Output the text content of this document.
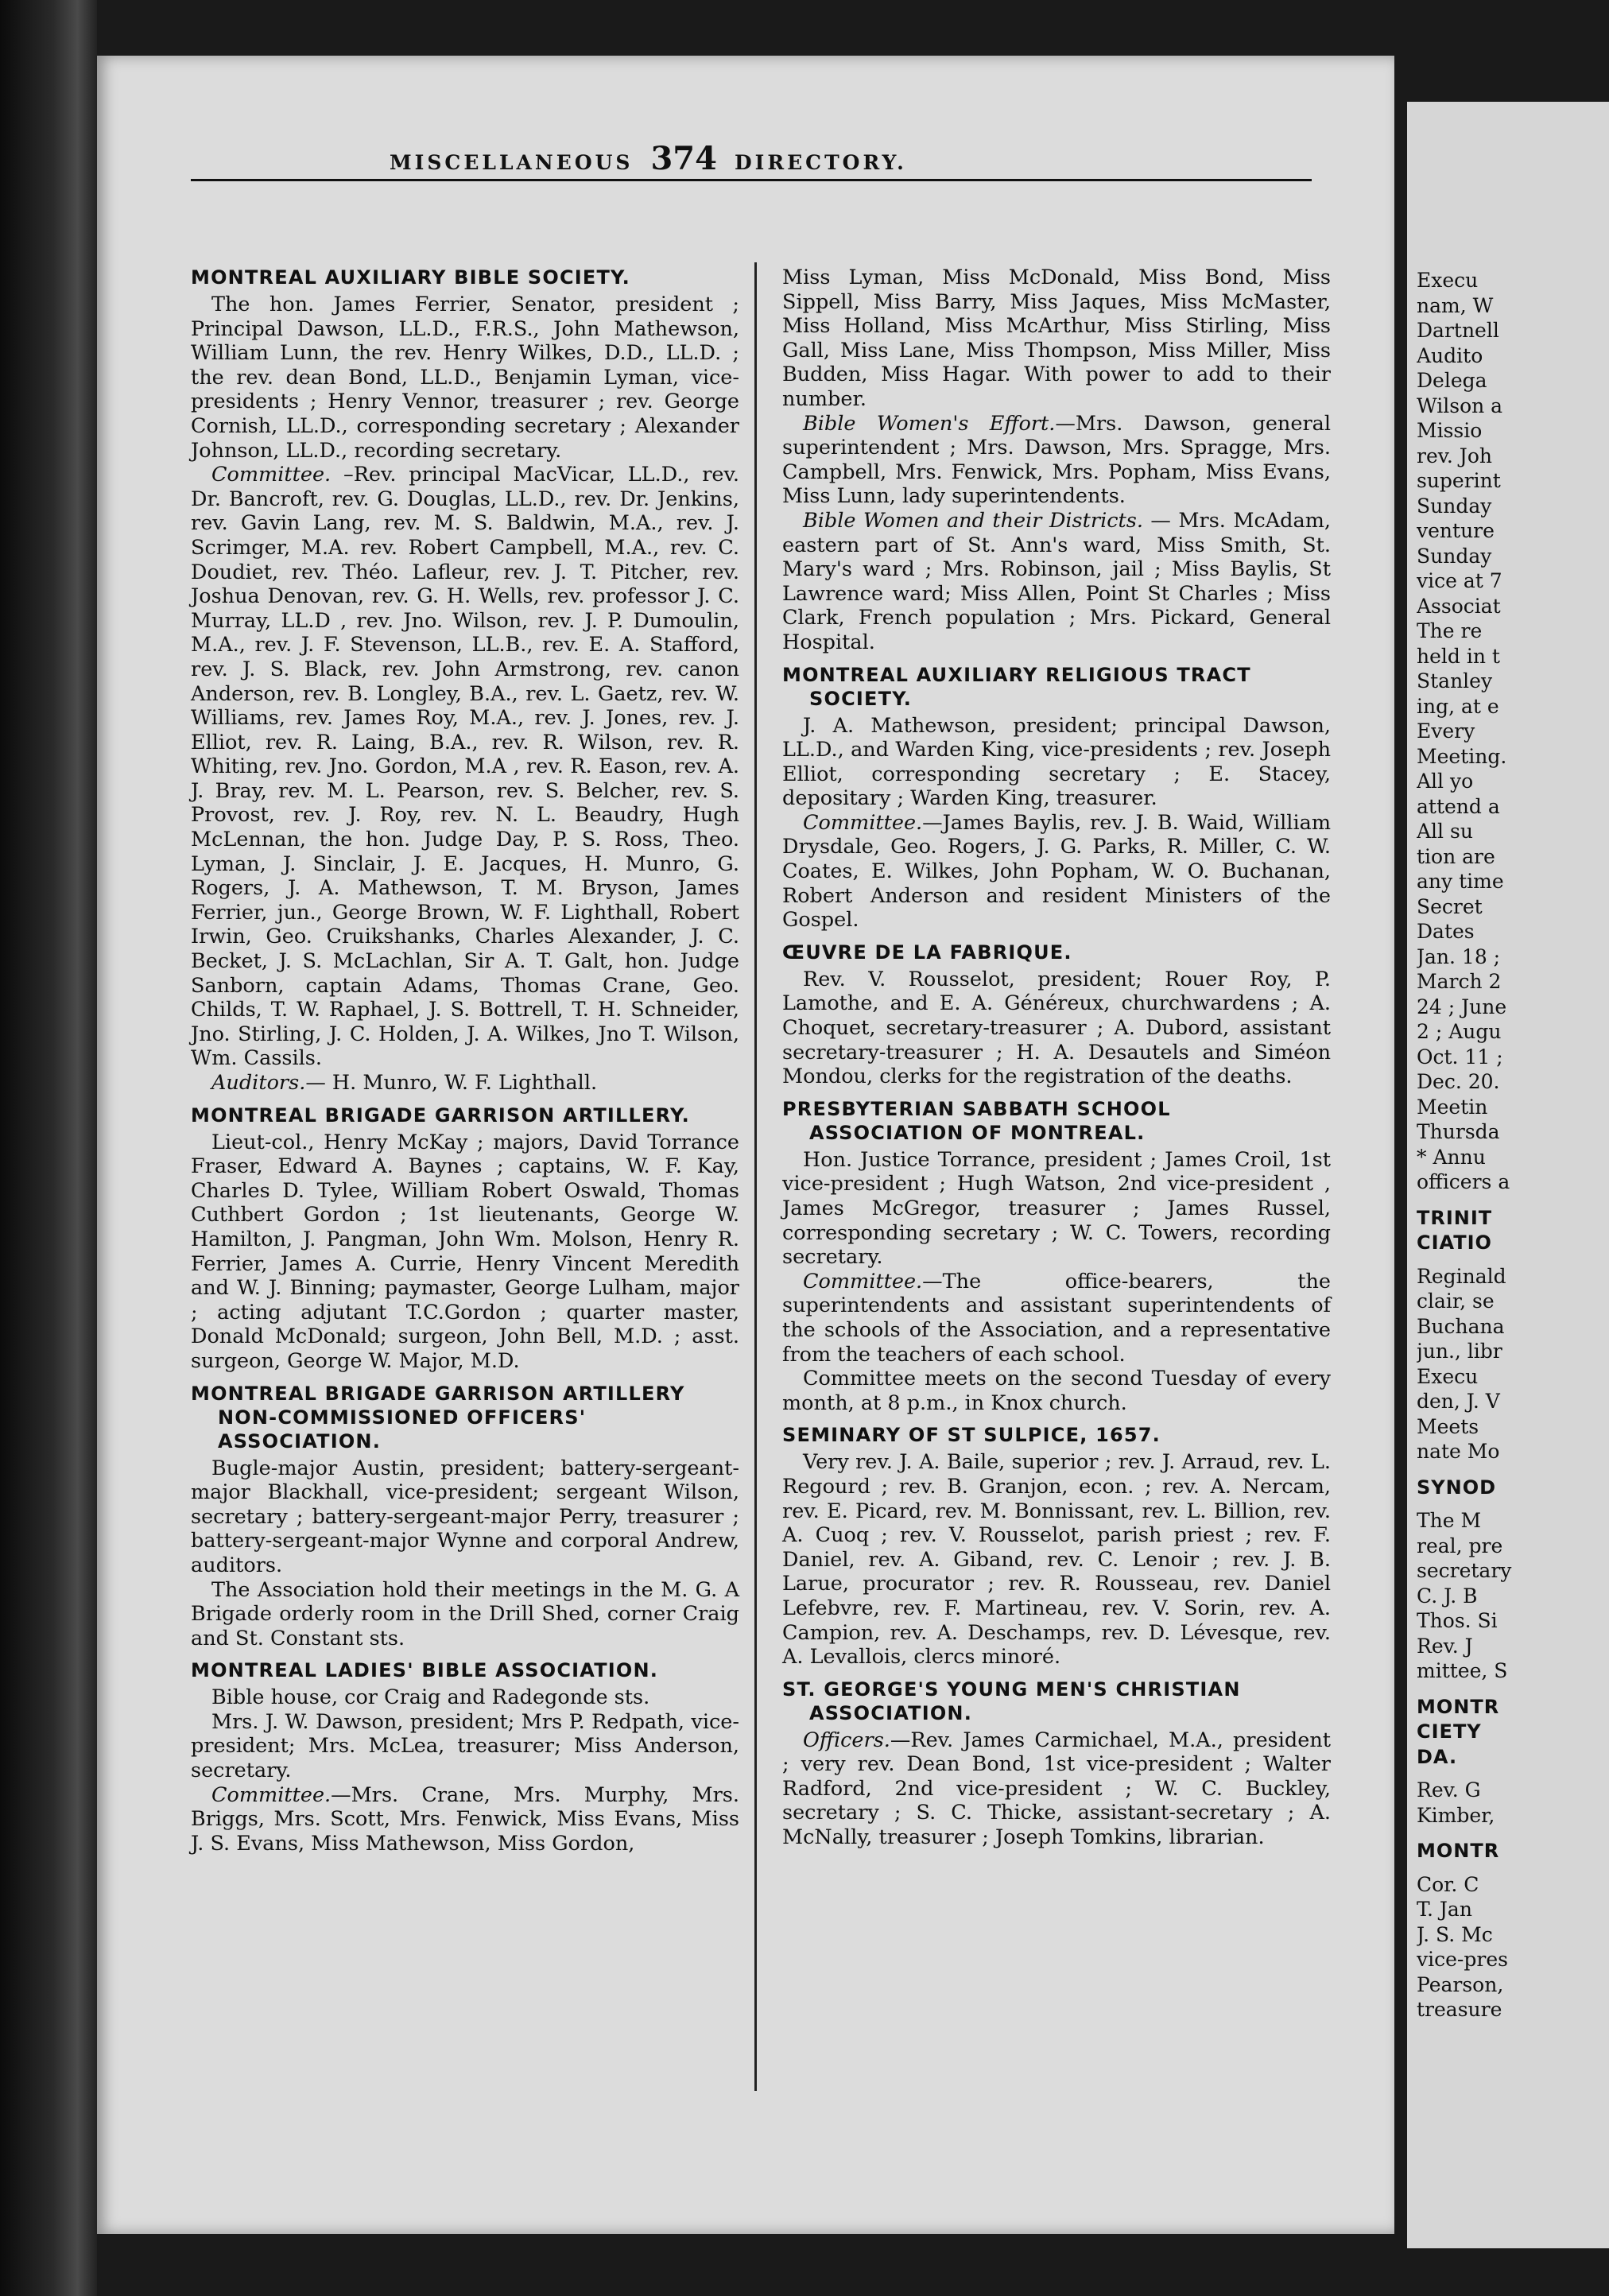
MISCELLANEOUS 374 DIRECTORY.
MONTREAL AUXILIARY BIBLE SOCIETY.

The hon. James Ferrier, Senator, president ; Principal Dawson, LL.D., F.R.S., John Mathewson, William Lunn, the rev. Henry Wilkes, D.D., LL.D. ; the rev. dean Bond, LL.D., Benjamin Lyman, vice-presidents ; Henry Vennor, treasurer ; rev. George Cornish, LL.D., corresponding secretary ; Alexander Johnson, LL.D., recording secretary.

Committee. –Rev. principal MacVicar, LL.D., rev. Dr. Bancroft, rev. G. Douglas, LL.D., rev. Dr. Jenkins, rev. Gavin Lang, rev. M. S. Baldwin, M.A., rev. J. Scrimger, M.A. rev. Robert Campbell, M.A., rev. C. Doudiet, rev. Théo. Lafleur, rev. J. T. Pitcher, rev. Joshua Denovan, rev. G. H. Wells, rev. professor J. C. Murray, LL.D , rev. Jno. Wilson, rev. J. P. Dumoulin, M.A., rev. J. F. Stevenson, LL.B., rev. E. A. Stafford, rev. J. S. Black, rev. John Armstrong, rev. canon Anderson, rev. B. Longley, B.A., rev. L. Gaetz, rev. W. Williams, rev. James Roy, M.A., rev. J. Jones, rev. J. Elliot, rev. R. Laing, B.A., rev. R. Wilson, rev. R. Whiting, rev. Jno. Gordon, M.A , rev. R. Eason, rev. A. J. Bray, rev. M. L. Pearson, rev. S. Belcher, rev. S. Provost, rev. J. Roy, rev. N. L. Beaudry, Hugh McLennan, the hon. Judge Day, P. S. Ross, Theo. Lyman, J. Sinclair, J. E. Jacques, H. Munro, G. Rogers, J. A. Mathewson, T. M. Bryson, James Ferrier, jun., George Brown, W. F. Lighthall, Robert Irwin, Geo. Cruikshanks, Charles Alexander, J. C. Becket, J. S. McLachlan, Sir A. T. Galt, hon. Judge Sanborn, captain Adams, Thomas Crane, Geo. Childs, T. W. Raphael, J. S. Bottrell, T. H. Schneider, Jno. Stirling, J. C. Holden, J. A. Wilkes, Jno T. Wilson, Wm. Cassils.

Auditors.— H. Munro, W. F. Lighthall.

MONTREAL BRIGADE GARRISON ARTILLERY.

Lieut-col., Henry McKay ; majors, David Torrance Fraser, Edward A. Baynes ; captains, W. F. Kay, Charles D. Tylee, William Robert Oswald, Thomas Cuthbert Gordon ; 1st lieutenants, George W. Hamilton, J. Pangman, John Wm. Molson, Henry R. Ferrier, James A. Currie, Henry Vincent Meredith and W. J. Binning; paymaster, George Lulham, major ; acting adjutant T.C.Gordon ; quarter master, Donald McDonald; surgeon, John Bell, M.D. ; asst. surgeon, George W. Major, M.D.

MONTREAL BRIGADE GARRISON ARTILLERY NON-COMMISSIONED OFFICERS' ASSOCIATION.

Bugle-major Austin, president; battery-sergeant-major Blackhall, vice-president; sergeant Wilson, secretary ; battery-sergeant-major Perry, treasurer ; battery-sergeant-major Wynne and corporal Andrew, auditors.

The Association hold their meetings in the M. G. A Brigade orderly room in the Drill Shed, corner Craig and St. Constant sts.

MONTREAL LADIES' BIBLE ASSOCIATION.

Bible house, cor Craig and Radegonde sts.

Mrs. J. W. Dawson, president; Mrs P. Redpath, vice-president; Mrs. McLea, treasurer; Miss Anderson, secretary.

Committee.—Mrs. Crane, Mrs. Murphy, Mrs. Briggs, Mrs. Scott, Mrs. Fenwick, Miss Evans, Miss J. S. Evans, Miss Mathewson, Miss Gordon,

Miss Lyman, Miss McDonald, Miss Bond, Miss Sippell, Miss Barry, Miss Jaques, Miss McMaster, Miss Holland, Miss McArthur, Miss Stirling, Miss Gall, Miss Lane, Miss Thompson, Miss Miller, Miss Budden, Miss Hagar. With power to add to their number.

Bible Women's Effort.—Mrs. Dawson, general superintendent ; Mrs. Dawson, Mrs. Spragge, Mrs. Campbell, Mrs. Fenwick, Mrs. Popham, Miss Evans, Miss Lunn, lady superintendents.

Bible Women and their Districts. — Mrs. McAdam, eastern part of St. Ann's ward, Miss Smith, St. Mary's ward ; Mrs. Robinson, jail ; Miss Baylis, St Lawrence ward; Miss Allen, Point St Charles ; Miss Clark, French population ; Mrs. Pickard, General Hospital.

MONTREAL AUXILIARY RELIGIOUS TRACT SOCIETY.

J. A. Mathewson, president; principal Dawson, LL.D., and Warden King, vice-presidents ; rev. Joseph Elliot, corresponding secretary ; E. Stacey, depositary ; Warden King, treasurer.

Committee.—James Baylis, rev. J. B. Waid, William Drysdale, Geo. Rogers, J. G. Parks, R. Miller, C. W. Coates, E. Wilkes, John Popham, W. O. Buchanan, Robert Anderson and resident Ministers of the Gospel.

ŒUVRE DE LA FABRIQUE.

Rev. V. Rousselot, president; Rouer Roy, P. Lamothe, and E. A. Généreux, churchwardens ; A. Choquet, secretary-treasurer ; A. Dubord, assistant secretary-treasurer ; H. A. Desautels and Siméon Mondou, clerks for the registration of the deaths.

PRESBYTERIAN SABBATH SCHOOL ASSOCIATION OF MONTREAL.

Hon. Justice Torrance, president ; James Croil, 1st vice-president ; Hugh Watson, 2nd vice-president , James McGregor, treasurer ; James Russel, corresponding secretary ; W. C. Towers, recording secretary.

Committee.—The office-bearers, the superintendents and assistant superintendents of the schools of the Association, and a representative from the teachers of each school.

Committee meets on the second Tuesday of every month, at 8 p.m., in Knox church.

SEMINARY OF ST SULPICE, 1657.

Very rev. J. A. Baile, superior ; rev. J. Arraud, rev. L. Regourd ; rev. B. Granjon, econ. ; rev. A. Nercam, rev. E. Picard, rev. M. Bonnissant, rev. L. Billion, rev. A. Cuoq ; rev. V. Rousselot, parish priest ; rev. F. Daniel, rev. A. Giband, rev. C. Lenoir ; rev. J. B. Larue, procurator ; rev. R. Rousseau, rev. Daniel Lefebvre, rev. F. Martineau, rev. V. Sorin, rev. A. Campion, rev. A. Deschamps, rev. D. Lévesque, rev. A. Levallois, clercs minoré.

ST. GEORGE'S YOUNG MEN'S CHRISTIAN ASSOCIATION.

Officers.—Rev. James Carmichael, M.A., president ; very rev. Dean Bond, 1st vice-president ; Walter Radford, 2nd vice-president ; W. C. Buckley, secretary ; S. C. Thicke, assistant-secretary ; A. McNally, treasurer ; Joseph Tomkins, librarian.

Execu
nam, W
Dartnell
Audito
Delega
Wilson a
Missio
rev. Joh
superint
Sunday
venture
Sunday
vice at 7
Associat
The re
held in t
Stanley
ing, at e
Every
Meeting.
All yo
attend a
All su
tion are
any time
Secret
Dates
Jan. 18 ;
March 2
24 ; June
2 ; Augu
Oct. 11 ;
Dec. 20.
Meetin
Thursda
* Annu
officers a
TRINIT
CIATIO
Reginald
clair, se
Buchana
jun., libr
Execu
den, J. V
Meets
nate Mo
SYNOD
The M
real, pre
secretary
C. J. B
Thos. Si
Rev. J
mittee, S
MONTR
CIETY
DA.
Rev. G
Kimber,
MONTR
Cor. C
T. Jan
J. S. Mc
vice-pres
Pearson,
treasure
